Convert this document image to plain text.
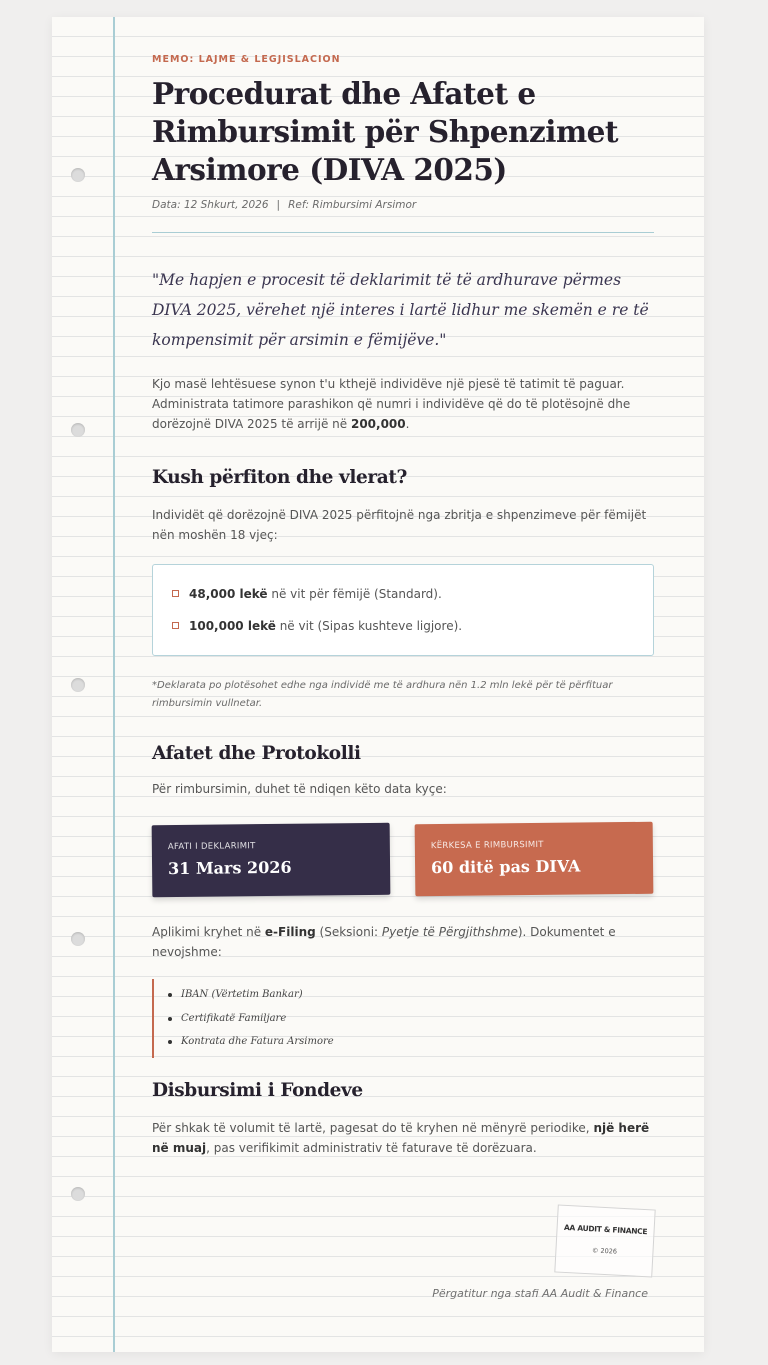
MEMO: LAJME & LEGJISLACION
Procedurat dhe Afatet e Rimbursimit për Shpenzimet Arsimore (DIVA 2025)
Data: 12 Shkurt, 2026 | Ref: Rimbursimi Arsimor

"Me hapjen e procesit të deklarimit të të ardhurave përmes DIVA 2025, vërehet një interes i lartë lidhur me skemën e re të kompensimit për arsimin e fëmijëve."

Kjo masë lehtësuese synon t'u kthejë individëve një pjesë të tatimit të paguar. Administrata tatimore parashikon që numri i individëve që do të plotësojnë dhe dorëzojnë DIVA 2025 të arrijë në 200,000.

Kush përfiton dhe vlerat?

Individët që dorëzojnë DIVA 2025 përfitojnë nga zbritja e shpenzimeve për fëmijët nën moshën 18 vjeç:

48,000 lekë në vit për fëmijë (Standard).
100,000 lekë në vit (Sipas kushteve ligjore).

*Deklarata po plotësohet edhe nga individë me të ardhura nën 1.2 mln lekë për të përfituar rimbursimin vullnetar.

Afatet dhe Protokolli

Për rimbursimin, duhet të ndiqen këto data kyçe:

AFATI I DEKLARIMIT
31 Mars 2026
KËRKESA E RIMBURSIMIT
60 ditë pas DIVA

Aplikimi kryhet në e-Filing (Seksioni: Pyetje të Përgjithshme). Dokumentet e nevojshme:

IBAN (Vërtetim Bankar)
Certifikatë Familjare
Kontrata dhe Fatura Arsimore
Disbursimi i Fondeve

Për shkak të volumit të lartë, pagesat do të kryhen në mënyrë periodike, një herë në muaj, pas verifikimit administrativ të faturave të dorëzuara.

AA AUDIT & FINANCE
© 2026
Përgatitur nga stafi AA Audit & Finance
